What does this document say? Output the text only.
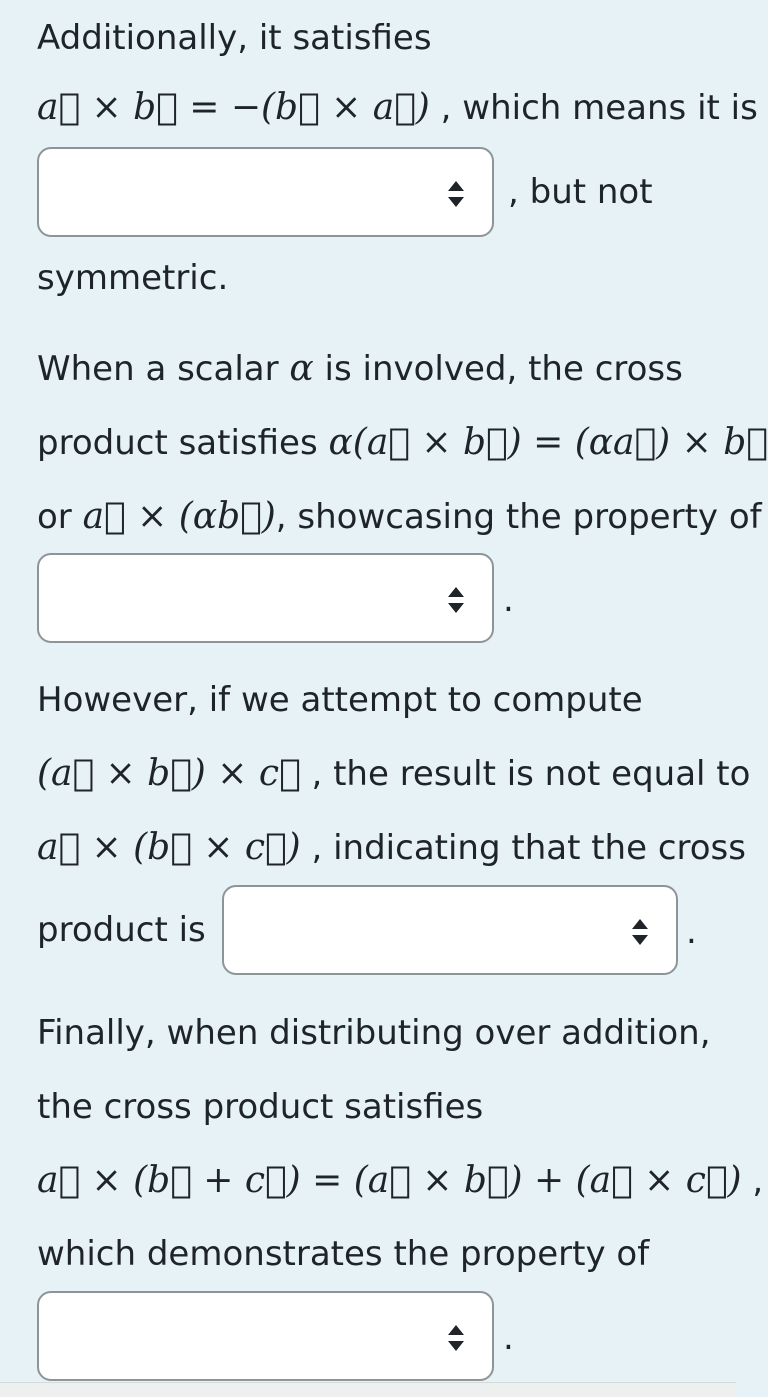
Additionally, it satisfies
a⃗ × b⃗ = −(b⃗ × a⃗) , which means it is
, but not
symmetric.
When a scalar α is involved, the cross
product satisfies α(a⃗ × b⃗) = (αa⃗) × b⃗
or a⃗ × (αb⃗), showcasing the property of
.
However, if we attempt to compute
(a⃗ × b⃗) × c⃗ , the result is not equal to
a⃗ × (b⃗ × c⃗) , indicating that the cross
product is	.
Finally, when distributing over addition,
the cross product satisfies
a⃗ × (b⃗ + c⃗) = (a⃗ × b⃗) + (a⃗ × c⃗) ,
which demonstrates the property of
.
